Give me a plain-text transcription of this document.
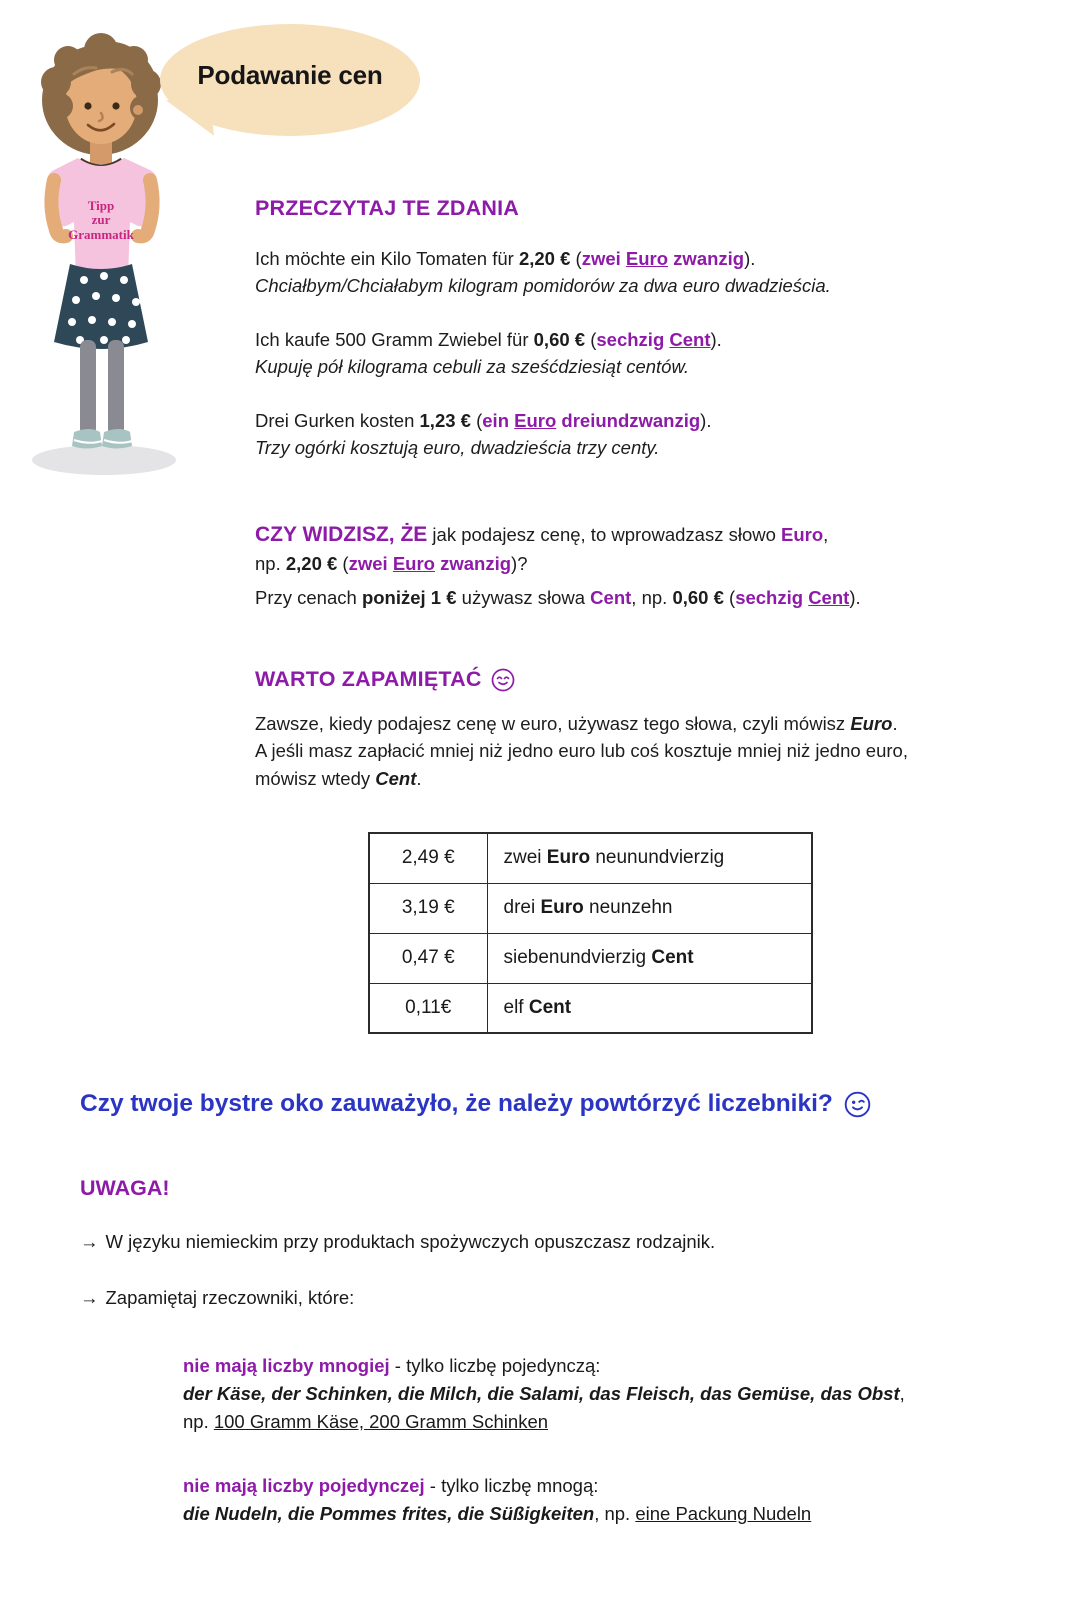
Tipp
zur
Grammatik
Podawanie cen
PRZECZYTAJ TE ZDANIA

Ich möchte ein Kilo Tomaten für 2,20 € (zwei Euro zwanzig).
Chciałbym/Chciałabym kilogram pomidorów za dwa euro dwadzieścia.

Ich kaufe 500 Gramm Zwiebel für 0,60 € (sechzig Cent).
Kupuję pół kilograma cebuli za sześćdziesiąt centów.

Drei Gurken kosten 1,23 € (ein Euro dreiundzwanzig).
Trzy ogórki kosztują euro, dwadzieścia trzy centy.

CZY WIDZISZ, ŻE jak podajesz cenę, to wprowadzasz słowo Euro,
np. 2,20 € (zwei Euro zwanzig)?

Przy cenach poniżej 1 € używasz słowa Cent, np. 0,60 € (sechzig Cent).

WARTO ZAPAMIĘTAĆ

Zawsze, kiedy podajesz cenę w euro, używasz tego słowa, czyli mówisz Euro.
A jeśli masz zapłacić mniej niż jedno euro lub coś kosztuje mniej niż jedno euro,
mówisz wtedy Cent.

2,49 €	zwei Euro neunundvierzig
3,19 €	drei Euro neunzehn
0,47 €	siebenundvierzig Cent
0,11€	elf Cent
Czy twoje bystre oko zauważyło, że należy powtórzyć liczebniki?
UWAGA!
→ W języku niemieckim przy produktach spożywczych opuszczasz rodzajnik.
→ Zapamiętaj rzeczowniki, które:
nie mają liczby mnogiej - tylko liczbę pojedynczą:
der Käse, der Schinken, die Milch, die Salami, das Fleisch, das Gemüse, das Obst,
np. 100 Gramm Käse, 200 Gramm Schinken
nie mają liczby pojedynczej - tylko liczbę mnogą:
die Nudeln, die Pommes frites, die Süßigkeiten, np. eine Packung Nudeln
